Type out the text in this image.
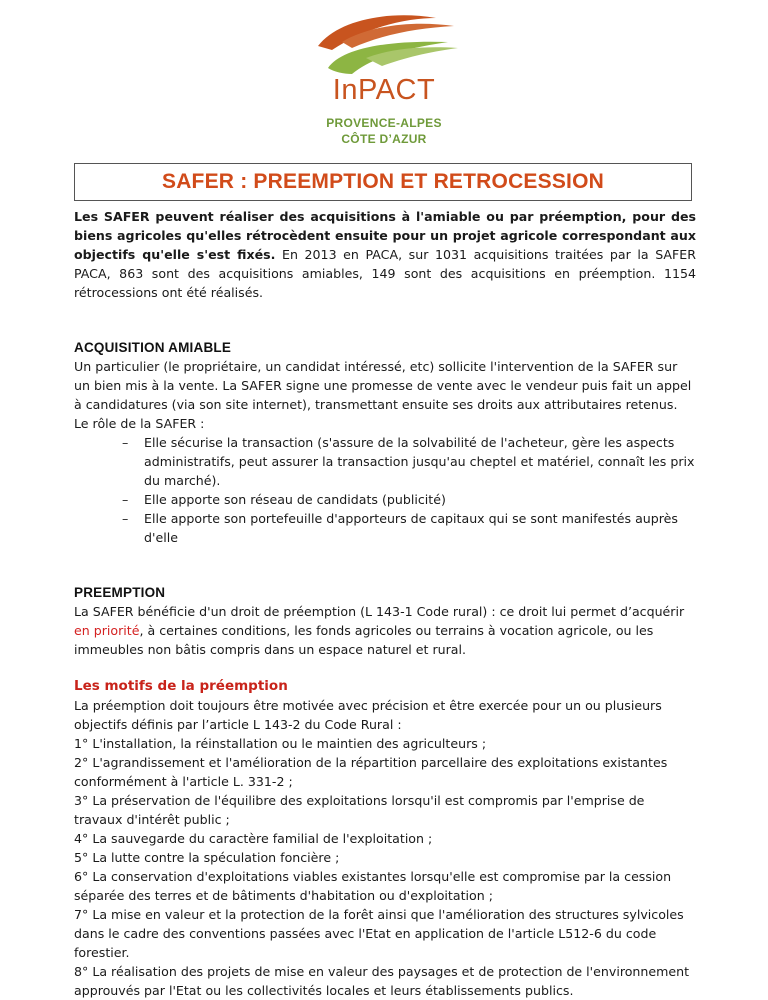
InPACT
PROVENCE-ALPES
CÔTE D’AZUR
SAFER : PREEMPTION ET RETROCESSION

Les SAFER peuvent réaliser des acquisitions à l'amiable ou par préemption, pour des biens agricoles qu'elles rétrocèdent ensuite pour un projet agricole correspondant aux objectifs qu'elle s'est fixés. En 2013 en PACA, sur 1031 acquisitions traitées par la SAFER PACA, 863 sont des acquisitions amiables, 149 sont des acquisitions en préemption. 1154 rétrocessions ont été réalisés.

ACQUISITION AMIABLE

Un particulier (le propriétaire, un candidat intéressé, etc) sollicite l'intervention de la SAFER sur un bien mis à la vente. La SAFER signe une promesse de vente avec le vendeur puis fait un appel à candidatures (via son site internet), transmettant ensuite ses droits aux attributaires retenus.

Le rôle de la SAFER :

– Elle sécurise la transaction (s'assure de la solvabilité de l'acheteur, gère les aspects administratifs, peut assurer la transaction jusqu'au cheptel et matériel, connaît les prix du marché).
– Elle apporte son réseau de candidats (publicité)
– Elle apporte son portefeuille d'apporteurs de capitaux qui se sont manifestés auprès d'elle

PREEMPTION

La SAFER bénéficie d'un droit de préemption (L 143-1 Code rural) : ce droit lui permet d’acquérir en priorité, à certaines conditions, les fonds agricoles ou terrains à vocation agricole, ou les immeubles non bâtis compris dans un espace naturel et rural.

Les motifs de la préemption

La préemption doit toujours être motivée avec précision et être exercée pour un ou plusieurs objectifs définis par l’article L 143-2 du Code Rural :

1° L'installation, la réinstallation ou le maintien des agriculteurs ;

2° L'agrandissement et l'amélioration de la répartition parcellaire des exploitations existantes conformément à l'article L. 331-2 ;

3° La préservation de l'équilibre des exploitations lorsqu'il est compromis par l'emprise de travaux d'intérêt public ;

4° La sauvegarde du caractère familial de l'exploitation ;

5° La lutte contre la spéculation foncière ;

6° La conservation d'exploitations viables existantes lorsqu'elle est compromise par la cession séparée des terres et de bâtiments d'habitation ou d'exploitation ;

7° La mise en valeur et la protection de la forêt ainsi que l'amélioration des structures sylvicoles dans le cadre des conventions passées avec l'Etat en application de l'article L512-6 du code forestier.

8° La réalisation des projets de mise en valeur des paysages et de protection de l'environnement approuvés par l'Etat ou les collectivités locales et leurs établissements publics.
